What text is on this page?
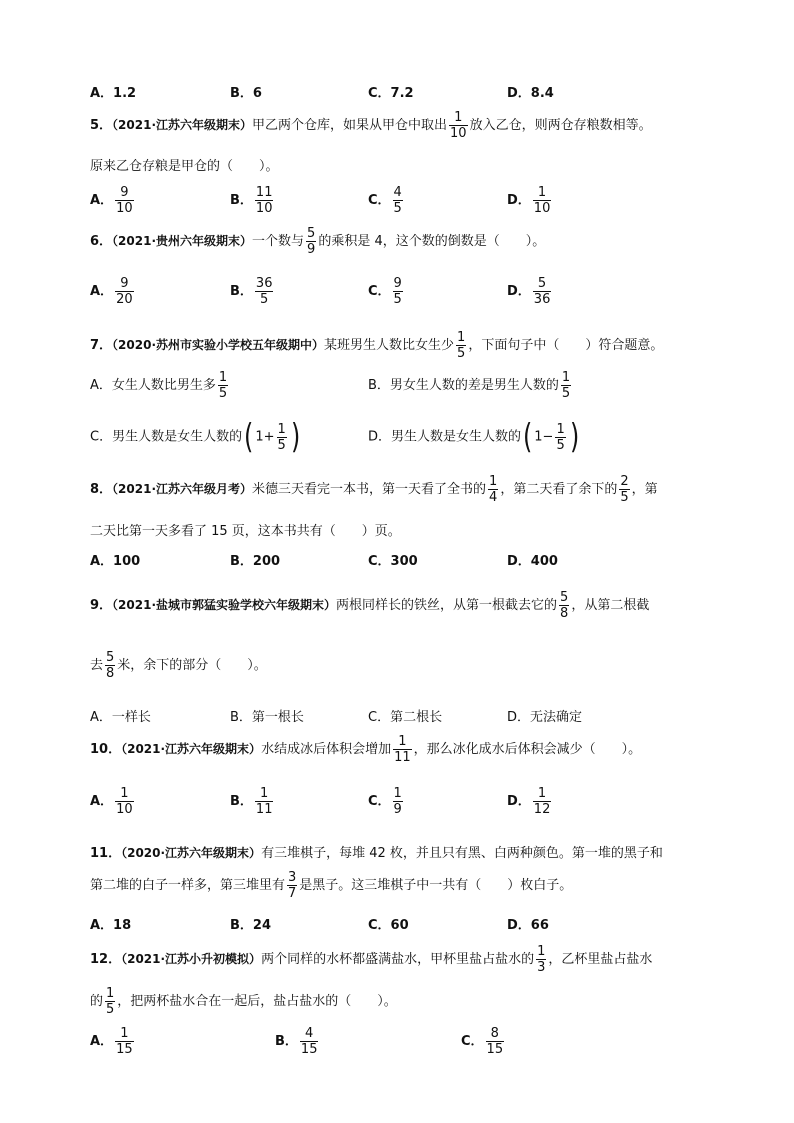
A．1.2	B．6	C．7.2	D．8.4
5．（2021·江苏六年级期末）甲乙两个仓库，如果从甲仓中取出 $\frac{1}{10}$ 放入乙仓，则两仓存粮数相等。
原来乙仓存粮是甲仓的（　　）。
A． $\frac{9}{10}$	B． $\frac{11}{10}$	C． $\frac{4}{5}$	D． $\frac{1}{10}$
6．（2021·贵州六年级期末）一个数与 $\frac{5}{9}$ 的乘积是 4，这个数的倒数是（　　）。
A． $\frac{9}{20}$	B． $\frac{36}{5}$	C． $\frac{9}{5}$	D． $\frac{5}{36}$
7．（2020·苏州市实验小学校五年级期中）某班男生人数比女生少 $\frac{1}{5}$ ，下面句子中（　　）符合题意。
A．女生人数比男生多 $\frac{1}{5}$	B．男女生人数的差是男生人数的 $\frac{1}{5}$
C．男生人数是女生人数的( $1+ \frac{1}{5}$ )	D．男生人数是女生人数的( $1- \frac{1}{5}$ )
8．（2021·江苏六年级月考）米德三天看完一本书，第一天看了全书的 $\frac{1}{4}$ ，第二天看了余下的 $\frac{2}{5}$ ，第
二天比第一天多看了 15 页，这本书共有（　　）页。
A．100	B．200	C．300	D．400
9．（2021·盐城市郭猛实验学校六年级期末）两根同样长的铁丝，从第一根截去它的 $\frac{5}{8}$ ，从第二根截
去 $\frac{5}{8}$ 米，余下的部分（　　）。
A．一样长	B．第一根长	C．第二根长	D．无法确定
10．（2021·江苏六年级期末）水结成冰后体积会增加 $\frac{1}{11}$ ，那么冰化成水后体积会减少（　　）。
A． $\frac{1}{10}$	B． $\frac{1}{11}$	C． $\frac{1}{9}$	D． $\frac{1}{12}$
11．（2020·江苏六年级期末）有三堆棋子，每堆 42 枚，并且只有黑、白两种颜色。第一堆的黑子和
第二堆的白子一样多，第三堆里有 $\frac{3}{7}$ 是黑子。这三堆棋子中一共有（　　）枚白子。
A．18	B．24	C．60	D．66
12．（2021·江苏小升初模拟）两个同样的水杯都盛满盐水，甲杯里盐占盐水的 $\frac{1}{3}$ ，乙杯里盐占盐水
的 $\frac{1}{5}$ ，把两杯盐水合在一起后，盐占盐水的（　　）。
A． $\frac{1}{15}$	B． $\frac{4}{15}$	C． $\frac{8}{15}$
